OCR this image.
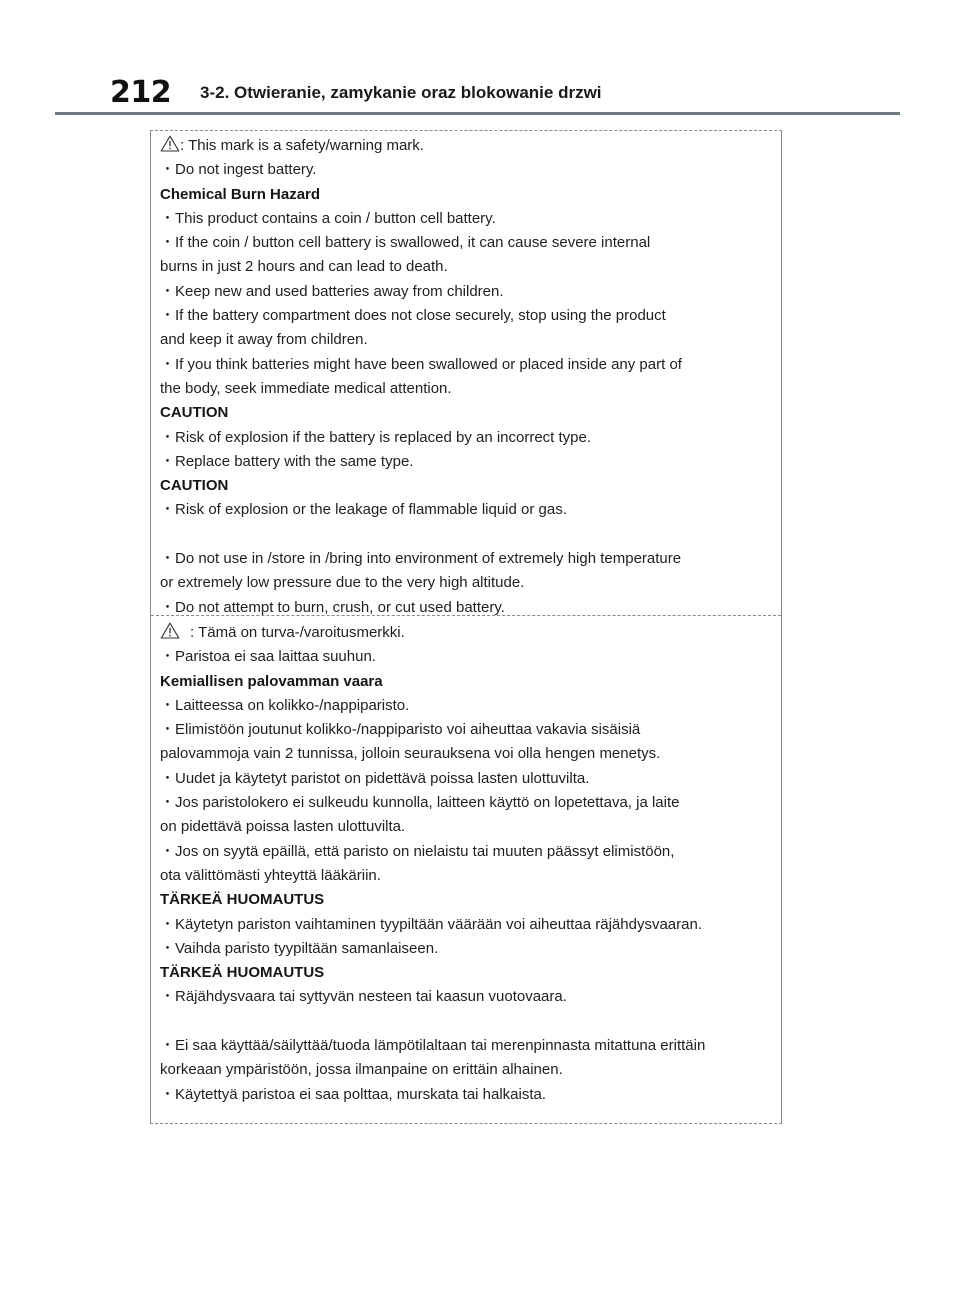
212 3-2. Otwieranie, zamykanie oraz blokowanie drzwi
: This mark is a safety/warning mark.
・Do not ingest battery.
Chemical Burn Hazard
・This product contains a coin / button cell battery.
・If the coin / button cell battery is swallowed, it can cause severe internal
burns in just 2 hours and can lead to death.
・Keep new and used batteries away from children.
・If the battery compartment does not close securely, stop using the product
and keep it away from children.
・If you think batteries might have been swallowed or placed inside any part of
the body, seek immediate medical attention.
CAUTION
・Risk of explosion if the battery is replaced by an incorrect type.
・Replace battery with the same type.
CAUTION
・Risk of explosion or the leakage of flammable liquid or gas.
・Do not use in /store in /bring into environment of extremely high temperature
or extremely low pressure due to the very high altitude.
・Do not attempt to burn, crush, or cut used battery.
: Tämä on turva-/varoitusmerkki.
・Paristoa ei saa laittaa suuhun.
Kemiallisen palovamman vaara
・Laitteessa on kolikko-/nappiparisto.
・Elimistöön joutunut kolikko-/nappiparisto voi aiheuttaa vakavia sisäisiä
palovammoja vain 2 tunnissa, jolloin seurauksena voi olla hengen menetys.
・Uudet ja käytetyt paristot on pidettävä poissa lasten ulottuvilta.
・Jos paristolokero ei sulkeudu kunnolla, laitteen käyttö on lopetettava, ja laite
on pidettävä poissa lasten ulottuvilta.
・Jos on syytä epäillä, että paristo on nielaistu tai muuten päässyt elimistöön,
ota välittömästi yhteyttä lääkäriin.
TÄRKEÄ HUOMAUTUS
・Käytetyn pariston vaihtaminen tyypiltään väärään voi aiheuttaa räjähdysvaaran.
・Vaihda paristo tyypiltään samanlaiseen.
TÄRKEÄ HUOMAUTUS
・Räjähdysvaara tai syttyvän nesteen tai kaasun vuotovaara.
・Ei saa käyttää/säilyttää/tuoda lämpötilaltaan tai merenpinnasta mitattuna erittäin
korkeaan ympäristöön, jossa ilmanpaine on erittäin alhainen.
・Käytettyä paristoa ei saa polttaa, murskata tai halkaista.
